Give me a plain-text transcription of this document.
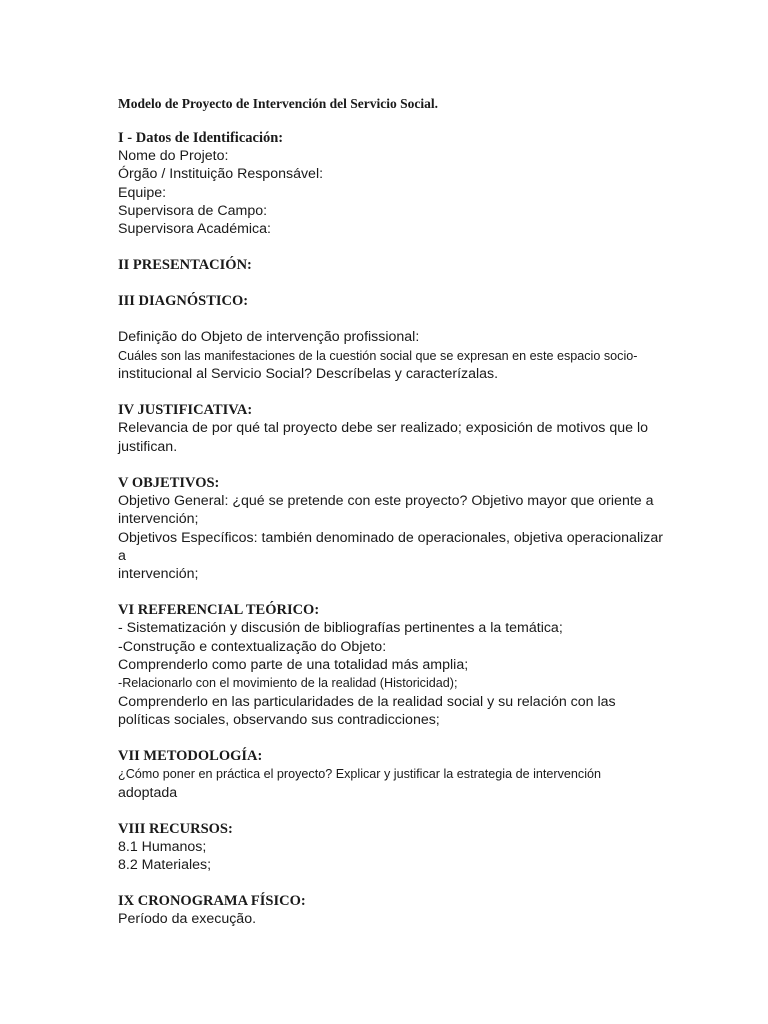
Modelo de Proyecto de Intervención del Servicio Social.
I - Datos de Identificación:
Nome do Projeto:
Órgão / Instituição Responsável:
Equipe:
Supervisora de Campo:
Supervisora Académica:
II PRESENTACIÓN:
III DIAGNÓSTICO:
Definição do Objeto de intervenção profissional:
Cuáles son las manifestaciones de la cuestión social que se expresan en este espacio socio-
institucional al Servicio Social? Descríbelas y caracterízalas.
IV JUSTIFICATIVA:
Relevancia de por qué tal proyecto debe ser realizado; exposición de motivos que lo
justifican.
V OBJETIVOS:
Objetivo General: ¿qué se pretende con este proyecto? Objetivo mayor que oriente a
intervención;
Objetivos Específicos: también denominado de operacionales, objetiva operacionalizar
a
intervención;
VI REFERENCIAL TEÓRICO:
- Sistematización y discusión de bibliografías pertinentes a la temática;
-Construção e contextualização do Objeto:
Comprenderlo como parte de una totalidad más amplia;
-Relacionarlo con el movimiento de la realidad (Historicidad);
Comprenderlo en las particularidades de la realidad social y su relación con las
políticas sociales, observando sus contradicciones;
VII METODOLOGÍA:
¿Cómo poner en práctica el proyecto? Explicar y justificar la estrategia de intervención
adoptada
VIII RECURSOS:
8.1 Humanos;
8.2 Materiales;
IX CRONOGRAMA FÍSICO:
Período da execução.
